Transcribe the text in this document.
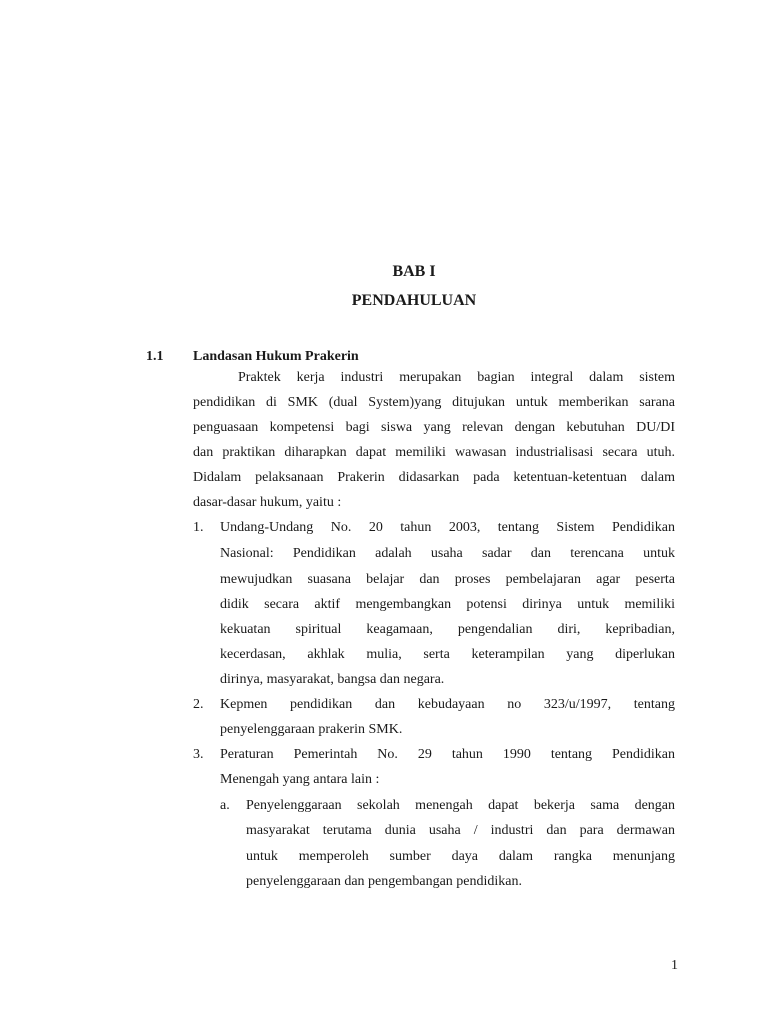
BAB I
PENDAHULUAN
1.1 Landasan Hukum Prakerin
Praktek kerja industri merupakan bagian integral dalam sistem
pendidikan di SMK (dual System)yang ditujukan untuk memberikan sarana
penguasaan kompetensi bagi siswa yang relevan dengan kebutuhan DU/DI
dan praktikan diharapkan dapat memiliki wawasan industrialisasi secara utuh.
Didalam pelaksanaan Prakerin didasarkan pada ketentuan-ketentuan dalam
dasar-dasar hukum, yaitu :
1. Undang-Undang No. 20 tahun 2003, tentang Sistem Pendidikan
Nasional: Pendidikan adalah usaha sadar dan terencana untuk
mewujudkan suasana belajar dan proses pembelajaran agar peserta
didik secara aktif mengembangkan potensi dirinya untuk memiliki
kekuatan spiritual keagamaan, pengendalian diri, kepribadian,
kecerdasan, akhlak mulia, serta keterampilan yang diperlukan
dirinya, masyarakat, bangsa dan negara.
2. Kepmen pendidikan dan kebudayaan no 323/u/1997, tentang
penyelenggaraan prakerin SMK.
3. Peraturan Pemerintah No. 29 tahun 1990 tentang Pendidikan
Menengah yang antara lain :
a. Penyelenggaraan sekolah menengah dapat bekerja sama dengan
masyarakat terutama dunia usaha / industri dan para dermawan
untuk memperoleh sumber daya dalam rangka menunjang
penyelenggaraan dan pengembangan pendidikan.
1
